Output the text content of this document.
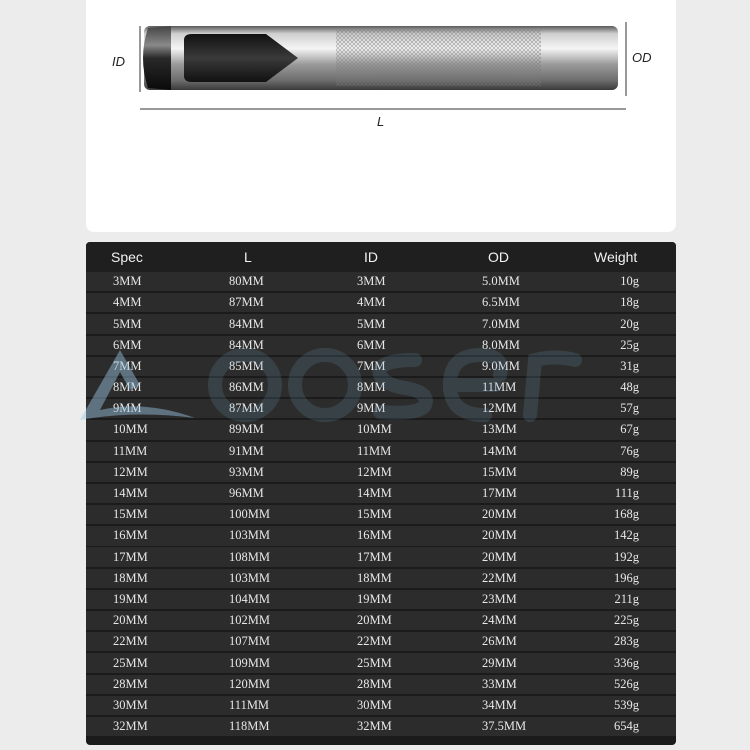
ID	OD
L
Spec	L	ID	OD	Weight
3MM	80MM	3MM	5.0MM	10g
4MM	87MM	4MM	6.5MM	18g
5MM	84MM	5MM	7.0MM	20g
6MM	84MM	6MM	8.0MM	25g
7MM	85MM	7MM	9.0MM	31g
8MM	86MM	8MM	11MM	48g
9MM	87MM	9MM	12MM	57g
10MM	89MM	10MM	13MM	67g
11MM	91MM	11MM	14MM	76g
12MM	93MM	12MM	15MM	89g
14MM	96MM	14MM	17MM	111g
15MM	100MM	15MM	20MM	168g
16MM	103MM	16MM	20MM	142g
17MM	108MM	17MM	20MM	192g
18MM	103MM	18MM	22MM	196g
19MM	104MM	19MM	23MM	211g
20MM	102MM	20MM	24MM	225g
22MM	107MM	22MM	26MM	283g
25MM	109MM	25MM	29MM	336g
28MM	120MM	28MM	33MM	526g
30MM	111MM	30MM	34MM	539g
32MM	118MM	32MM	37.5MM	654g
